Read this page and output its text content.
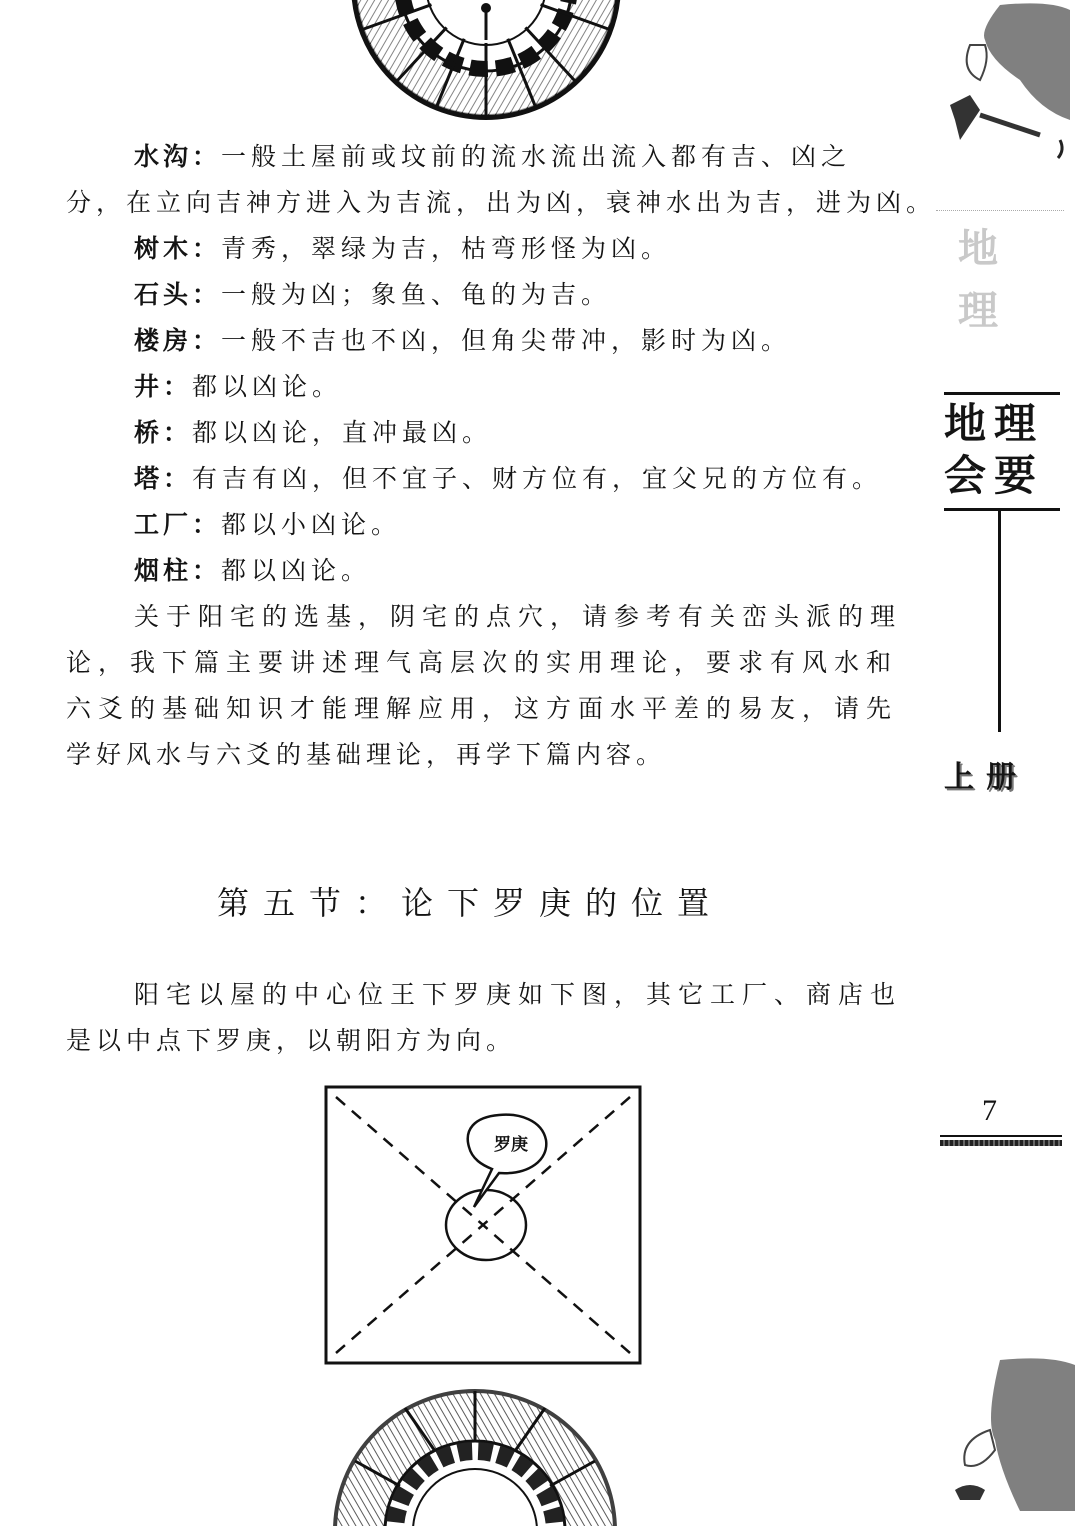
地
理
水沟：一般土屋前或坟前的流水流出流入都有吉、凶之
分，在立向吉神方进入为吉流，出为凶，衰神水出为吉，进为凶。
树木：青秀，翠绿为吉，枯弯形怪为凶。
石头：一般为凶；象鱼、龟的为吉。
楼房：一般不吉也不凶，但角尖带冲，影时为凶。
井：都以凶论。
桥：都以凶论，直冲最凶。
塔：有吉有凶，但不宜子、财方位有，宜父兄的方位有。
工厂：都以小凶论。
烟柱：都以凶论。
关于阳宅的选基，阴宅的点穴，请参考有关峦头派的理
论，我下篇主要讲述理气高层次的实用理论，要求有风水和
六爻的基础知识才能理解应用，这方面水平差的易友，请先
学好风水与六爻的基础理论，再学下篇内容。
第五节：论下罗庚的位置
阳宅以屋的中心位王下罗庚如下图，其它工厂、商店也
是以中点下罗庚，以朝阳方为向。
罗庚
地理
会要
上册
7
